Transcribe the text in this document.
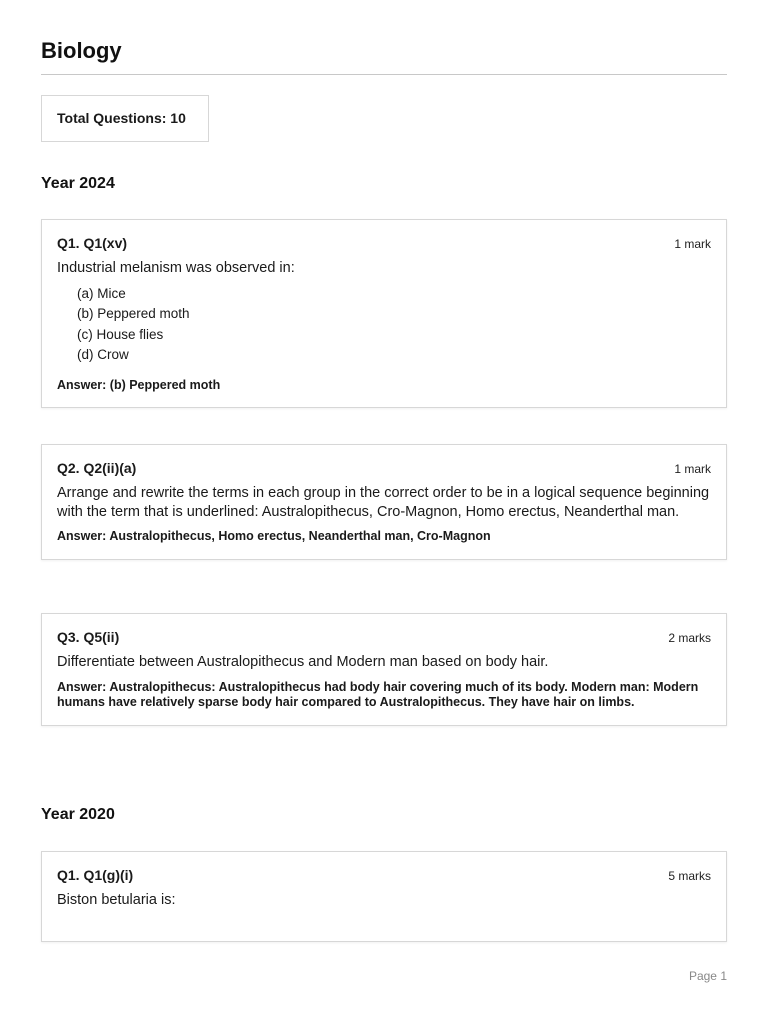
Biology
Total Questions: 10
Year 2024
Q1. Q1(xv)	1 mark
Industrial melanism was observed in:
(a) Mice
(b) Peppered moth
(c) House flies
(d) Crow
Answer: (b) Peppered moth
Q2. Q2(ii)(a)	1 mark
Arrange and rewrite the terms in each group in the correct order to be in a logical sequence beginning with the term that is underlined: Australopithecus, Cro-Magnon, Homo erectus, Neanderthal man.
Answer: Australopithecus, Homo erectus, Neanderthal man, Cro-Magnon
Q3. Q5(ii)	2 marks
Differentiate between Australopithecus and Modern man based on body hair.
Answer: Australopithecus: Australopithecus had body hair covering much of its body. Modern man: Modern humans have relatively sparse body hair compared to Australopithecus. They have hair on limbs.
Year 2020
Q1. Q1(g)(i)	5 marks
Biston betularia is:
Page 1
